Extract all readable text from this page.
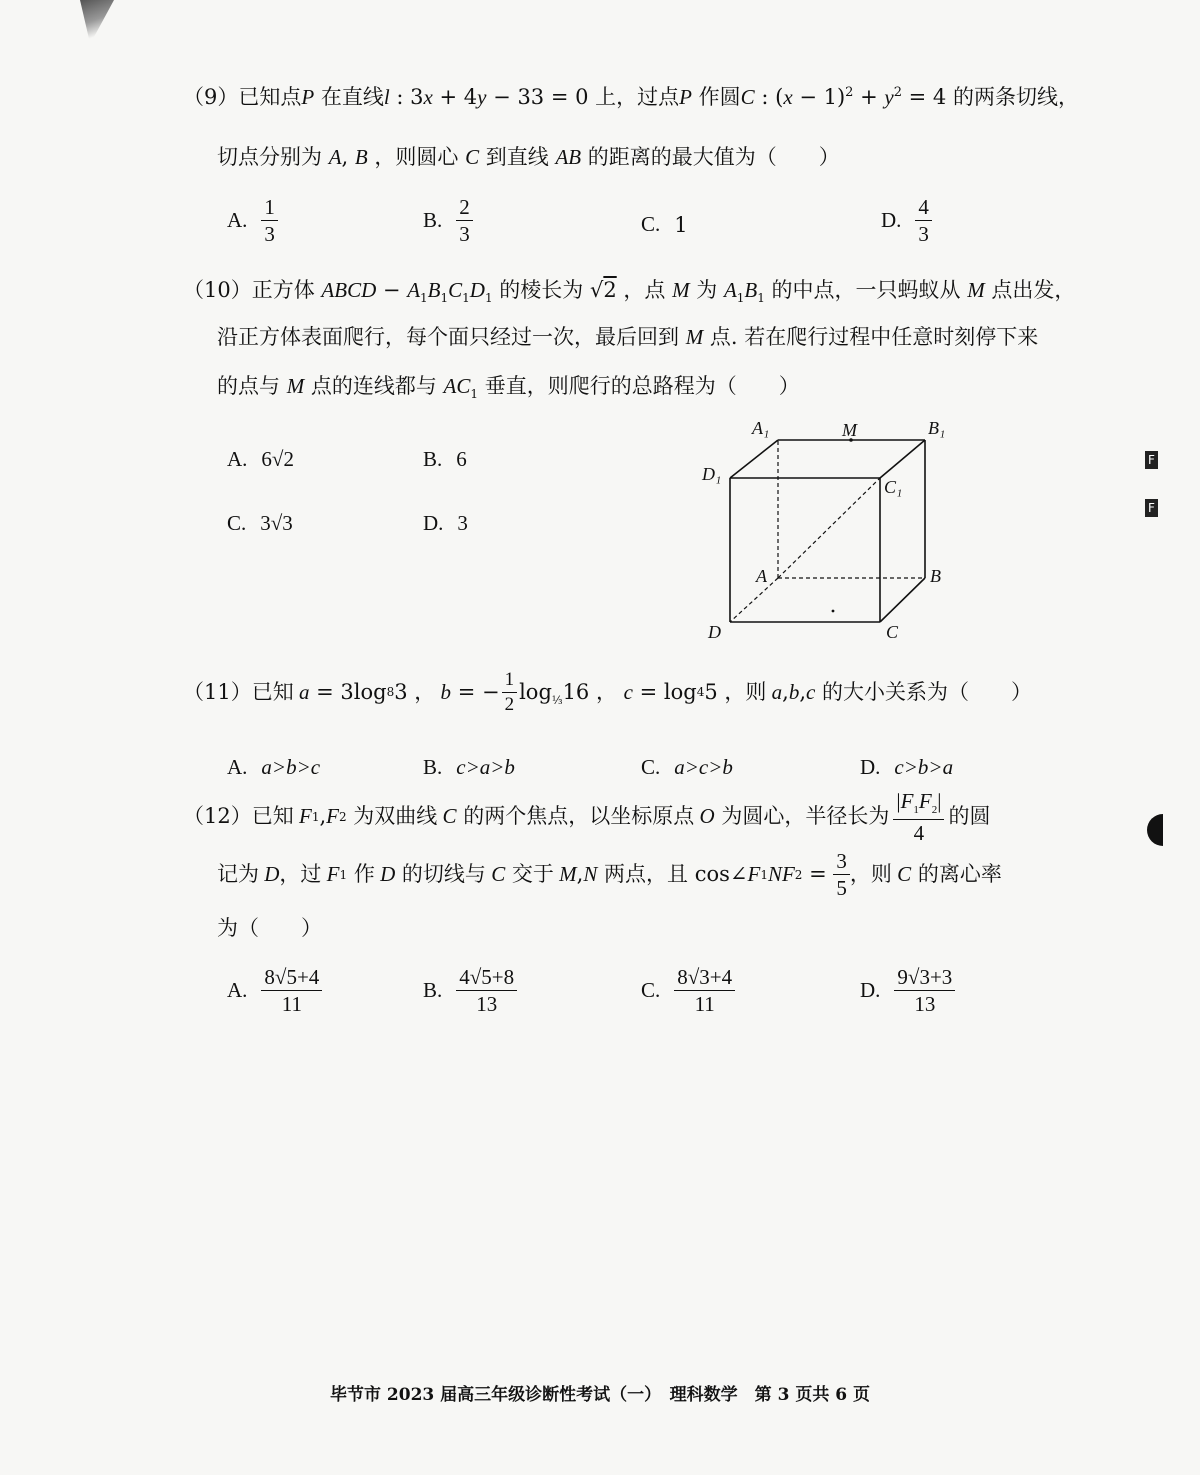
（9）已知点P 在直线l : 3x + 4y − 33 = 0 上，过点P 作圆C : $(x - 1)^2 + y^2 = 4$ 的两条切线，
切点分别为 A, B ，则圆心 C 到直线 AB 的距离的最大值为（　　）
A. $\frac{1}{3}$	B. $\frac{2}{3}$	C. 1	D. $\frac{4}{3}$
（10）正方体 ABCD − $A_1B_1C_1D_1$ 的棱长为 √2 ，点 M 为 $A_1B_1$ 的中点，一只蚂蚁从 M 点出发，
沿正方体表面爬行，每个面只经过一次，最后回到 M 点. 若在爬行过程中任意时刻停下来
的点与 M 点的连线都与 $AC_1$ 垂直，则爬行的总路程为（　　）
A. 6√2	B. 6
C. 3√3	D. 3
A₁	M	B₁
D₁
C₁
A	B
D	C
（11） 已知 a = 3log 8 3 ， b = − $\frac{1}{2} \log_{\frac{1}{3}} 16$ ， c = log 4 5 ，则 a , b , c 的大小关系为（　　）
A. a>b>c	B. c>a>b	C. a>c>b	D. c>b>a
（12） 已知 F 1 , F 2 为双曲线 C 的两个焦点，以坐标原点 O 为圆心，半径长为 $\frac{|F_1F_2|}{4}$ 的圆
记为 D ，过 F 1 作 D 的切线与 C 交于 M , N 两点，且 cos∠ F 1 NF $2 = \frac{3}{5}$ ，则 C 的离心率
为（　　）
A. $\frac{8√5+4}{11}$	B. $\frac{4√5+8}{13}$	C. $\frac{8√3+4}{11}$	D. $\frac{9√3+3}{13}$
F
F
毕节市 2023 届高三年级诊断性考试（一）　理科数学　第 3 页共 6 页
